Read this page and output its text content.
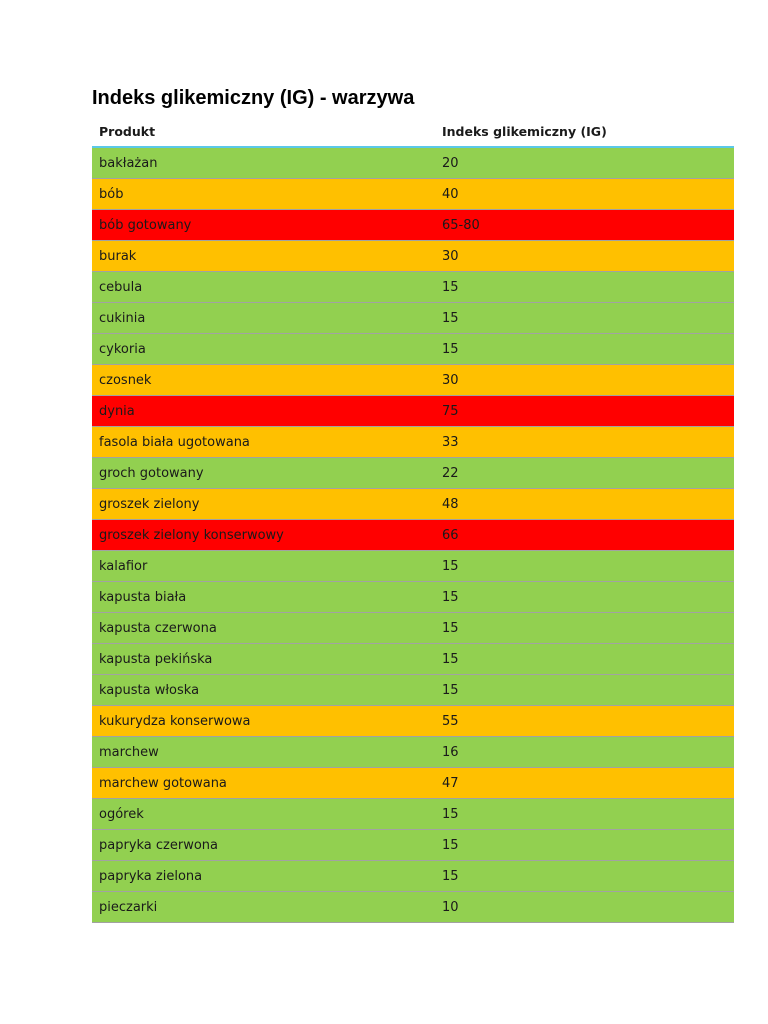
Indeks glikemiczny (IG) - warzywa
Produkt	Indeks glikemiczny (IG)
bakłażan	20
bób	40
bób gotowany	65-80
burak	30
cebula	15
cukinia	15
cykoria	15
czosnek	30
dynia	75
fasola biała ugotowana	33
groch gotowany	22
groszek zielony	48
groszek zielony konserwowy	66
kalafior	15
kapusta biała	15
kapusta czerwona	15
kapusta pekińska	15
kapusta włoska	15
kukurydza konserwowa	55
marchew	16
marchew gotowana	47
ogórek	15
papryka czerwona	15
papryka zielona	15
pieczarki	10
